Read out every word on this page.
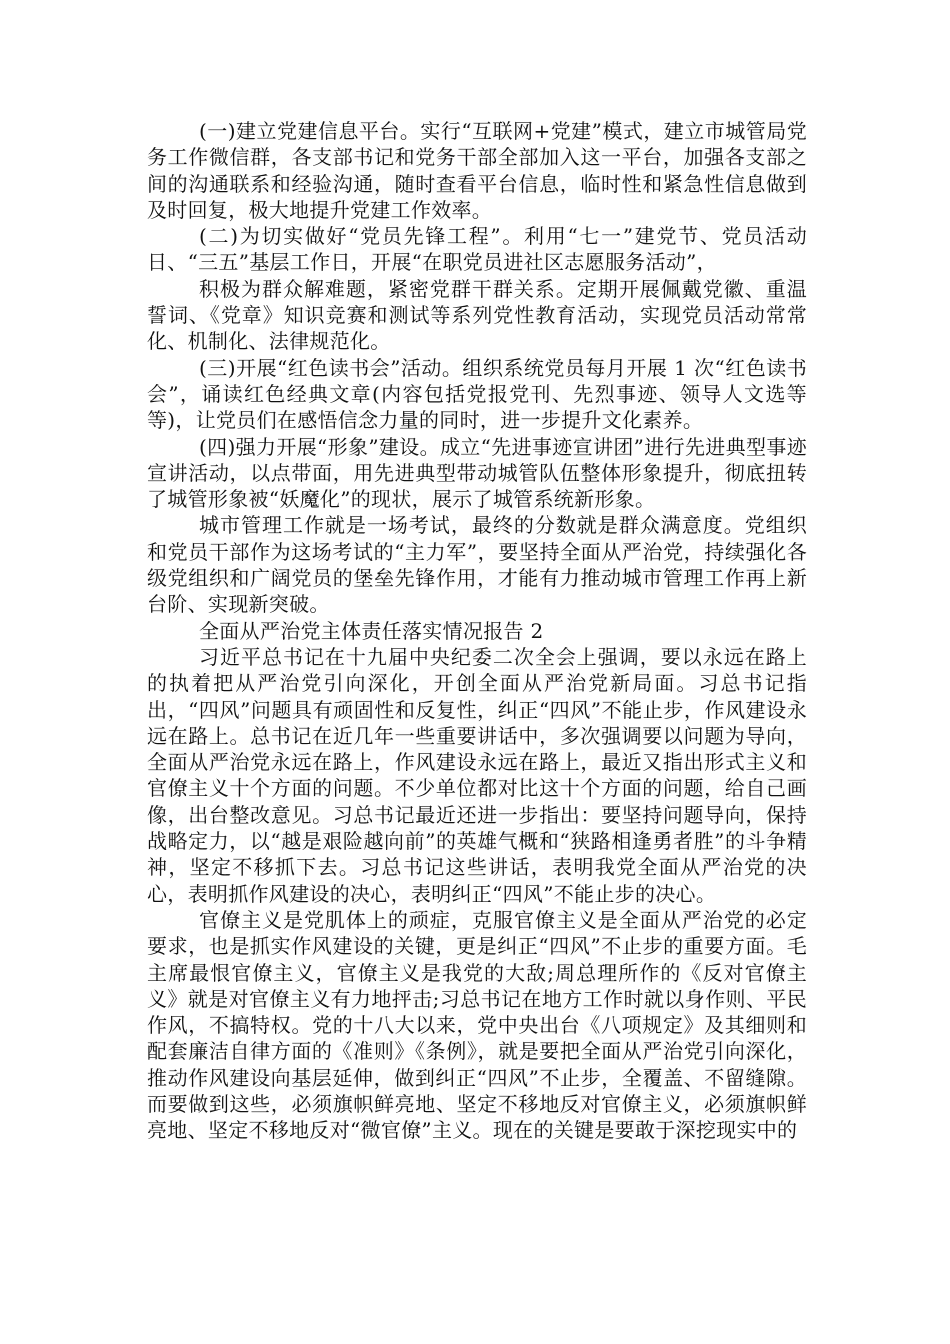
(一)建立党建信息平台。实行“互联网+党建”模式，建立市城管局党务工作微信群，各支部书记和党务干部全部加入这一平台，加强各支部之间的沟通联系和经验沟通，随时查看平台信息，临时性和紧急性信息做到及时回复，极大地提升党建工作效率。

(二)为切实做好“党员先锋工程”。利用“七一”建党节、党员活动日、“三五”基层工作日，开展“在职党员进社区志愿服务活动”，

积极为群众解难题，紧密党群干群关系。定期开展佩戴党徽、重温誓词、《党章》知识竞赛和测试等系列党性教育活动，实现党员活动常常化、机制化、法律规范化。

(三)开展“红色读书会”活动。组织系统党员每月开展 1 次“红色读书会”，诵读红色经典文章(内容包括党报党刊、先烈事迹、领导人文选等等)，让党员们在感悟信念力量的同时，进一步提升文化素养。

(四)强力开展“形象”建设。成立“先进事迹宣讲团”进行先进典型事迹宣讲活动，以点带面，用先进典型带动城管队伍整体形象提升，彻底扭转了城管形象被“妖魔化”的现状，展示了城管系统新形象。

城市管理工作就是一场考试，最终的分数就是群众满意度。党组织和党员干部作为这场考试的“主力军”，要坚持全面从严治党，持续强化各级党组织和广阔党员的堡垒先锋作用，才能有力推动城市管理工作再上新台阶、实现新突破。

全面从严治党主体责任落实情况报告 2

习近平总书记在十九届中央纪委二次全会上强调，要以永远在路上的执着把从严治党引向深化，开创全面从严治党新局面。习总书记指出，“四风”问题具有顽固性和反复性，纠正“四风”不能止步，作风建设永远在路上。总书记在近几年一些重要讲话中，多次强调要以问题为导向，全面从严治党永远在路上，作风建设永远在路上，最近又指出形式主义和官僚主义十个方面的问题。不少单位都对比这十个方面的问题，给自己画像，出台整改意见。习总书记最近还进一步指出：要坚持问题导向，保持战略定力，以“越是艰险越向前”的英雄气概和“狭路相逢勇者胜”的斗争精神，坚定不移抓下去。习总书记这些讲话，表明我党全面从严治党的决心，表明抓作风建设的决心，表明纠正“四风”不能止步的决心。

官僚主义是党肌体上的顽症，克服官僚主义是全面从严治党的必定要求，也是抓实作风建设的关键，更是纠正“四风”不止步的重要方面。毛主席最恨官僚主义，官僚主义是我党的大敌;周总理所作的《反对官僚主义》就是对官僚主义有力地抨击;习总书记在地方工作时就以身作则、平民作风，不搞特权。党的十八大以来，党中央出台《八项规定》及其细则和配套廉洁自律方面的《准则》《条例》，就是要把全面从严治党引向深化，推动作风建设向基层延伸，做到纠正“四风”不止步，全覆盖、不留缝隙。而要做到这些，必须旗帜鲜亮地、坚定不移地反对官僚主义，必须旗帜鲜亮地、坚定不移地反对“微官僚”主义。现在的关键是要敢于深挖现实中的
